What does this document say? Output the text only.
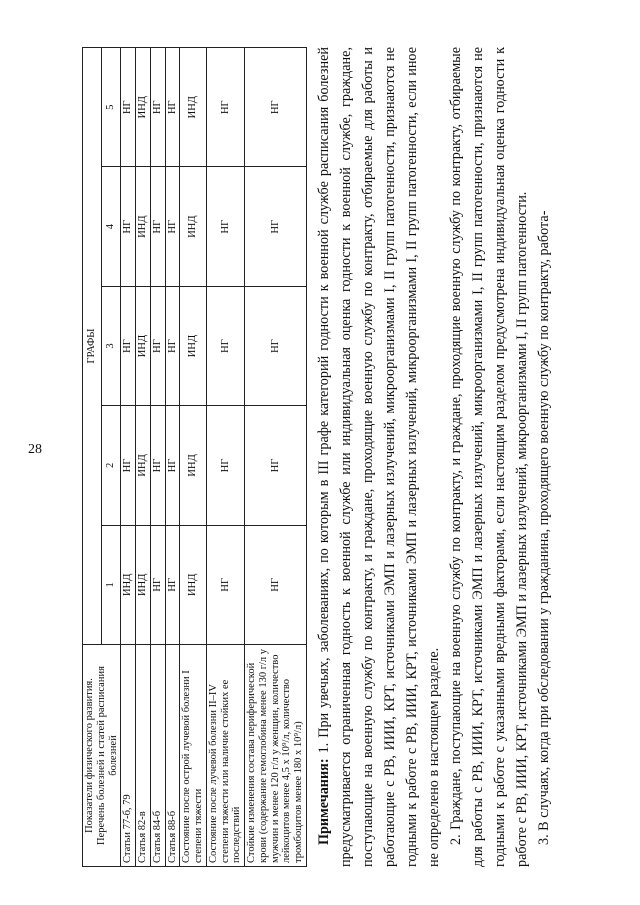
28
Показатели физического развития. Перечень болезней и статей расписания болезней	ГРАФЫ				
	1	2	3	4	5
Статьи 77-б, 79	ИНД	НГ	НГ	НГ	НГ
Статья 82-в	ИНД	ИНД	ИНД	ИНД	ИНД
Статья 84-б	НГ	НГ	НГ	НГ	НГ
Статья 88-б	НГ	НГ	НГ	НГ	НГ
Состояние после острой лучевой болезни I степени тяжести	ИНД	ИНД	ИНД	ИНД	ИНД
Состояние после лучевой болезни II–IV степени тяжести или наличие стойких ее последствий	НГ	НГ	НГ	НГ	НГ
Стойкие изменения состава периферической крови (содержание гемоглобина менее 130 г/л у мужчин и менее 120 г/л у женщин, количество лейкоцитов менее 4,5 х 10⁹/л, количество тромбоцитов менее 180 х 10⁹/л)	НГ	НГ	НГ	НГ	НГ

Примечания: 1. При увечьях, заболеваниях, по которым в III графе категорий годности к военной службе расписания болезней предусматривается ограниченная годность к военной службе или индивидуальная оценка годности к военной службе, граждане, поступающие на военную службу по контракту, и граждане, проходящие военную службу по контракту, отбираемые для работы и работающие с РВ, ИИИ, КРТ, источниками ЭМП и лазерных излучений, микроорганизмами I, II групп патогенности, признаются не годными к работе с РВ, ИИИ, КРТ, источниками ЭМП и лазерных излучений, микроорганизмами I, II групп патогенности, если иное не определено в настоящем разделе. 2. Граждане, поступающие на военную службу по контракту, и граждане, проходящие военную службу по контракту, отбираемые для работы с РВ, ИИИ, КРТ, источниками ЭМП и лазерных излучений, микроорганизмами I, II групп патогенности, признаются не годными к работе с указанными вредными факторами, если настоящим разделом предусмотрена индивидуальная оценка годности к работе с РВ, ИИИ, КРТ, источниками ЭМП и лазерных излучений, микроорганизмами I, II групп патогенности. 3. В случаях, когда при обследовании у гражданина, проходящего военную службу по контракту, работа-
